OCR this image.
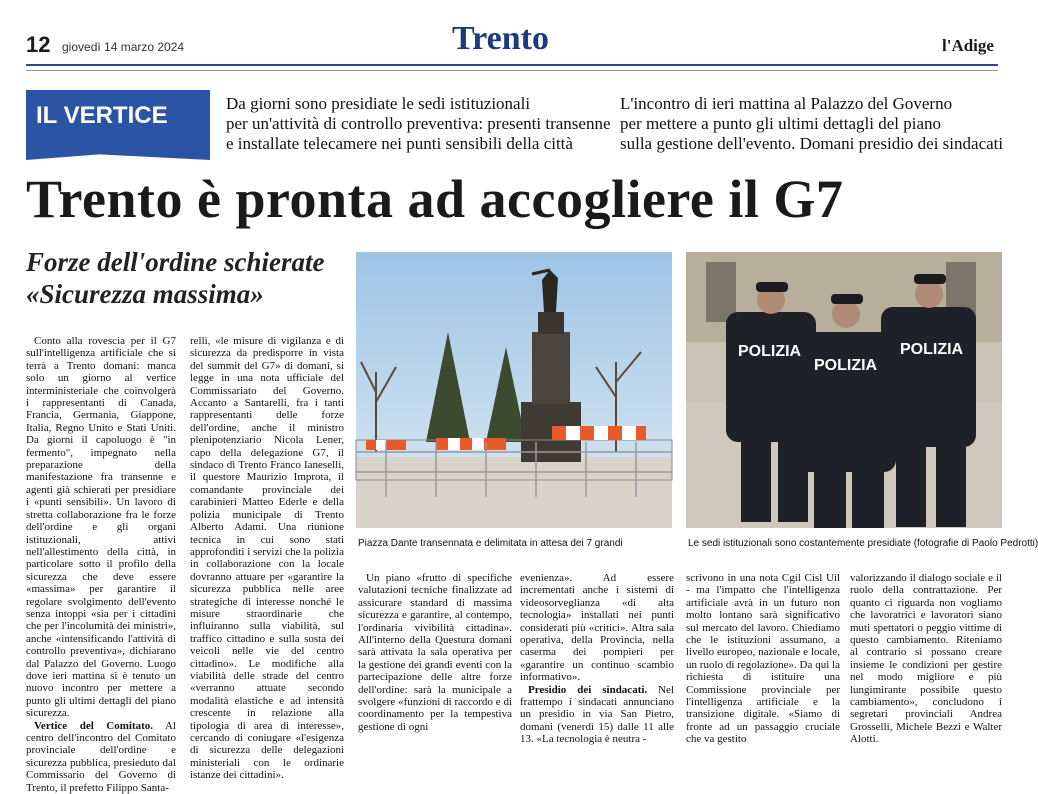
12 giovedì 14 marzo 2024	Trento	l'Adige
IL VERTICE	Da giorni sono presidiate le sedi istituzionali
per un'attività di controllo preventiva: presenti transenne
e installate telecamere nei punti sensibili della città
L'incontro di ieri mattina al Palazzo del Governo
per mettere a punto gli ultimi dettagli del piano
sulla gestione dell'evento. Domani presidio dei sindacati
Trento è pronta ad accogliere il G7
Forze dell'ordine schierate
«Sicurezza massima»
Piazza Dante transennata e delimitata in attesa dei 7 grandi
POLIZIA
POLIZIA
POLIZIA
Le sedi istituzionali sono costantemente presidiate (fotografie di Paolo Pedrotti)

Conto alla rovescia per il G7 sull'intelligenza artificiale che si terrà a Trento domani: manca solo un giorno al vertice interministeriale che coinvolgerà i rappresentanti di Canada, Francia, Germania, Giappone, Italia, Regno Unito e Stati Uniti. Da giorni il capoluogo è "in fermento", impegnato nella preparazione della manifestazione fra transenne e agenti già schierati per presidiare i «punti sensibili». Un lavoro di stretta collaborazione fra le forze dell'ordine e gli organi istituzionali, attivi nell'allestimento della città, in particolare sotto il profilo della sicurezza che deve essere «massima» per garantire il regolare svolgimento dell'evento senza intoppi «sia per i cittadini che per l'incolumità dei ministri», anche «intensificando l'attività di controllo preventiva», dichiarano dal Palazzo del Governo. Luogo dove ieri mattina si è tenuto un nuovo incontro per mettere a punto gli ultimi dettagli del piano sicurezza.

Vertice del Comitato. Al centro dell'incontro del Comitato provinciale dell'ordine e sicurezza pubblica, presieduto dal Commissario del Governo di Trento, il prefetto Filippo Santa-

relli, «le misure di vigilanza e di sicurezza da predisporre in vista del summit del G7» di domani, si legge in una nota ufficiale del Commissariato del Governo. Accanto a Santarelli, fra i tanti rappresentanti delle forze dell'ordine, anche il ministro plenipotenziario Nicola Lener, capo della delegazione G7, il sindaco di Trento Franco Ianeselli, il questore Maurizio Improta, il comandante provinciale dei carabinieri Matteo Ederle e della polizia municipale di Trento Alberto Adami. Una riunione tecnica in cui sono stati approfonditi i servizi che la polizia in collaborazione con la locale dovranno attuare per «garantire la sicurezza pubblica nelle aree strategiche di interesse nonché le misure straordinarie che influiranno sulla viabilità, sul traffico cittadino e sulla sosta dei veicoli nelle vie del centro cittadino». Le modifiche alla viabilità delle strade del centro «verranno attuate secondo modalità elastiche e ad intensità crescente in relazione alla tipologia di area di interesse», cercando di coniugare «l'esigenza di sicurezza delle delegazioni ministeriali con le ordinarie istanze dei cittadini».

Un piano «frutto di specifiche valutazioni tecniche finalizzate ad assicurare standard di massima sicurezza e garantire, al contempo, l'ordinaria vivibilità cittadina». All'interno della Questura domani sarà attivata la sala operativa per la gestione dei grandi eventi con la partecipazione delle altre forze dell'ordine: sarà la municipale a svolgere «funzioni di raccordo e di coordinamento per la tempestiva gestione di ogni

evenienza». Ad essere incrementati anche i sistemi di videosorveglianza «di alta tecnologia» installati nei punti considerati più «critici». Altra sala operativa, della Provincia, nella caserma dei pompieri per «garantire un continuo scambio informativo».

Presidio dei sindacati. Nel frattempo i sindacati annunciano un presidio in via San Pietro, domani (venerdì 15) dalle 11 alle 13. «La tecnologia è neutra -

scrivono in una nota Cgil Cisl Uil - ma l'impatto che l'intelligenza artificiale avrà in un futuro non molto lontano sarà significativo sul mercato del lavoro. Chiediamo che le istituzioni assumano, a livello europeo, nazionale e locale, un ruolo di regolazione». Da qui la richiesta di istituire una Commissione provinciale per l'intelligenza artificiale e la transizione digitale. «Siamo di fronte ad un passaggio cruciale che va gestito

valorizzando il dialogo sociale e il ruolo della contrattazione. Per quanto ci riguarda non vogliamo che lavoratrici e lavoratori siano muti spettatori o peggio vittime di questo cambiamento. Riteniamo al contrario si possano creare insieme le condizioni per gestire nel modo migliore e più lungimirante possibile questo cambiamento», concludono i segretari provinciali Andrea Grosselli, Michele Bezzi e Walter Alotti.
